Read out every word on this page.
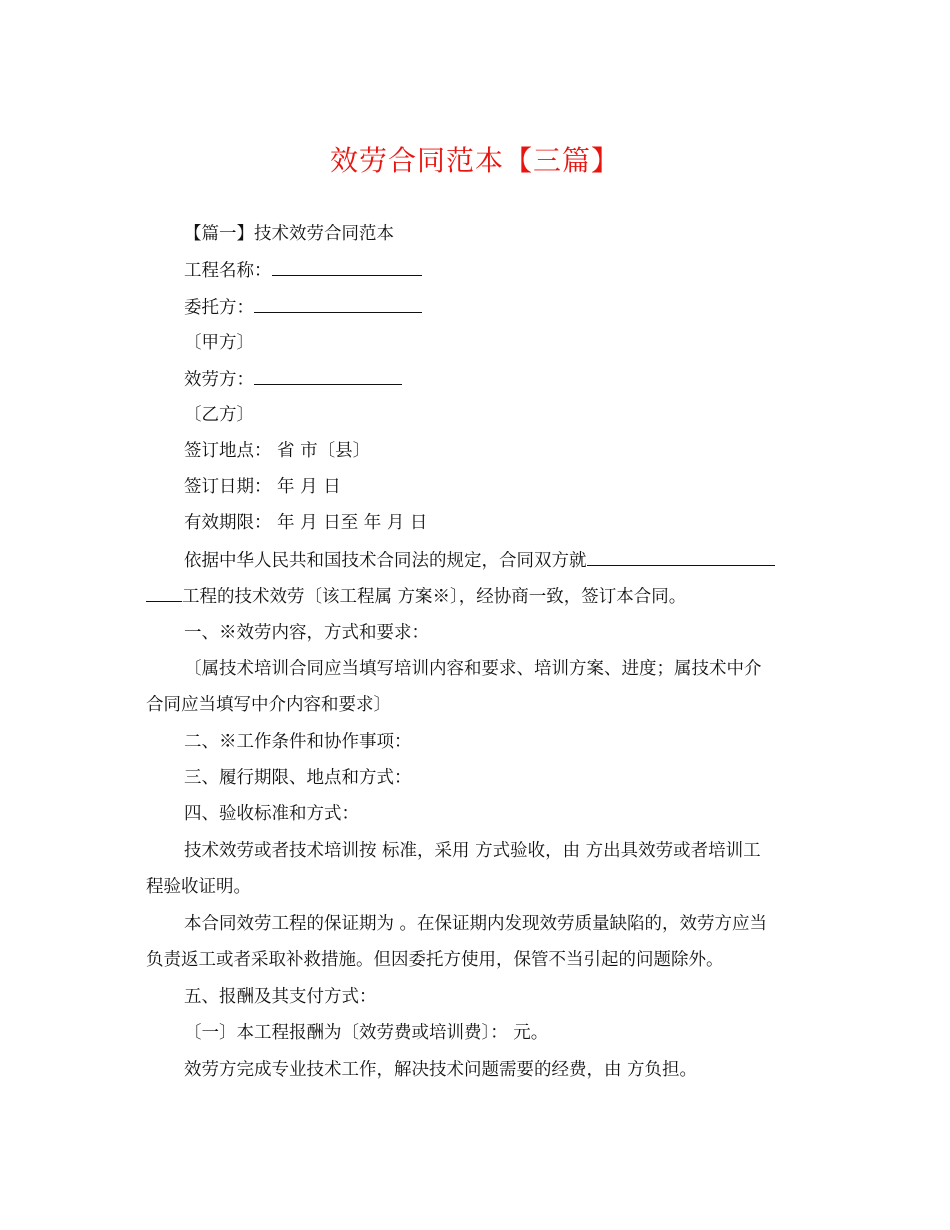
效劳合同范本【三篇】
【篇一】技术效劳合同范本
工程名称：
委托方：
〔甲方〕
效劳方：
〔乙方〕
签订地点： 省 市〔县〕
签订日期： 年 月 日
有效期限： 年 月 日至 年 月 日
依据中华人民共和国技术合同法的规定，合同双方就
工程的技术效劳〔该工程属 方案※〕，经协商一致，签订本合同。
一、※效劳内容，方式和要求：
〔属技术培训合同应当填写培训内容和要求、培训方案、进度；属技术中介
合同应当填写中介内容和要求〕
二、※工作条件和协作事项：
三、履行期限、地点和方式：
四、验收标准和方式：
技术效劳或者技术培训按 标准，采用 方式验收，由 方出具效劳或者培训工
程验收证明。
本合同效劳工程的保证期为 。在保证期内发现效劳质量缺陷的，效劳方应当
负责返工或者采取补救措施。但因委托方使用，保管不当引起的问题除外。
五、报酬及其支付方式：
〔一〕本工程报酬为〔效劳费或培训费〕： 元。
效劳方完成专业技术工作，解决技术问题需要的经费，由 方负担。
